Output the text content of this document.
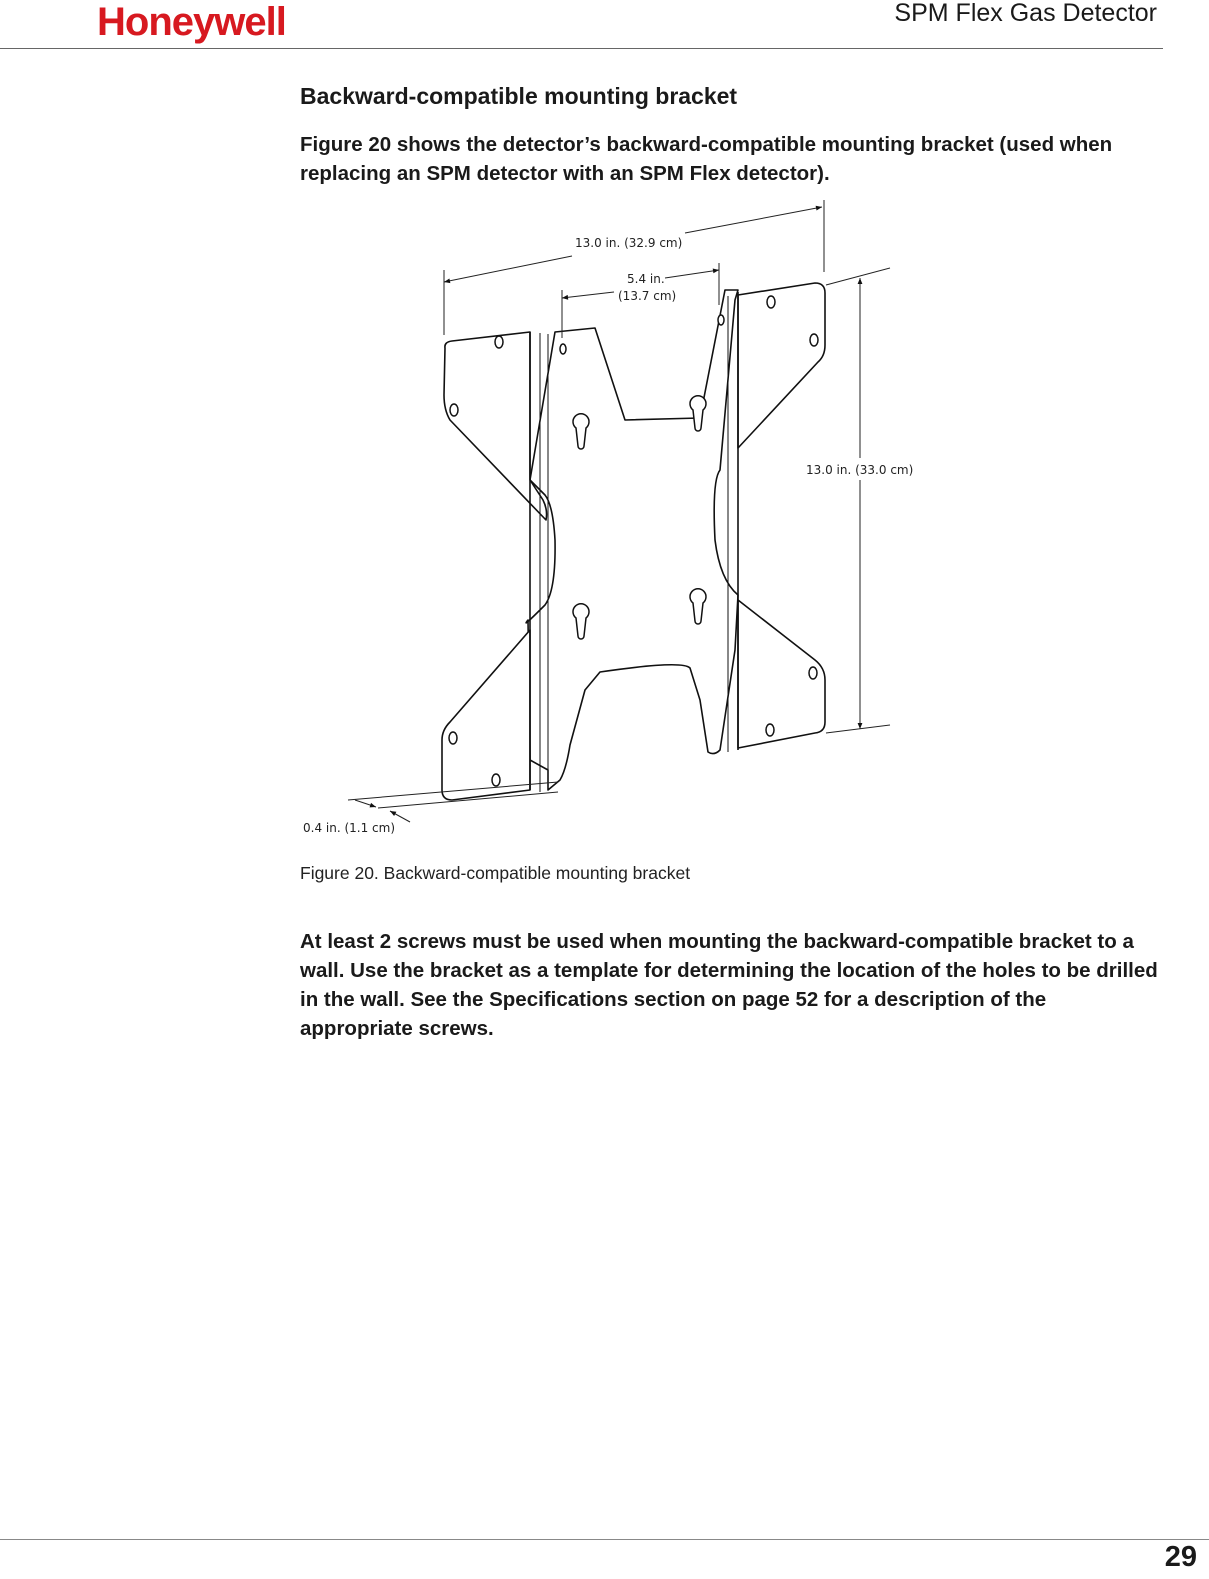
Honeywell	SPM Flex Gas Detector
Backward-compatible mounting bracket
Figure 20 shows the detector’s backward-compatible mounting bracket (used when replacing an SPM detector with an SPM Flex detector).
13.0 in. (32.9 cm)
5.4 in.
(13.7 cm)
13.0 in. (33.0 cm)
0.4 in. (1.1 cm)
Figure 20. Backward-compatible mounting bracket
At least 2 screws must be used when mounting the backward-compatible bracket to a wall. Use the bracket as a template for determining the location of the holes to be drilled in the wall. See the Specifications section on page 52 for a description of the appropriate screws.
29
